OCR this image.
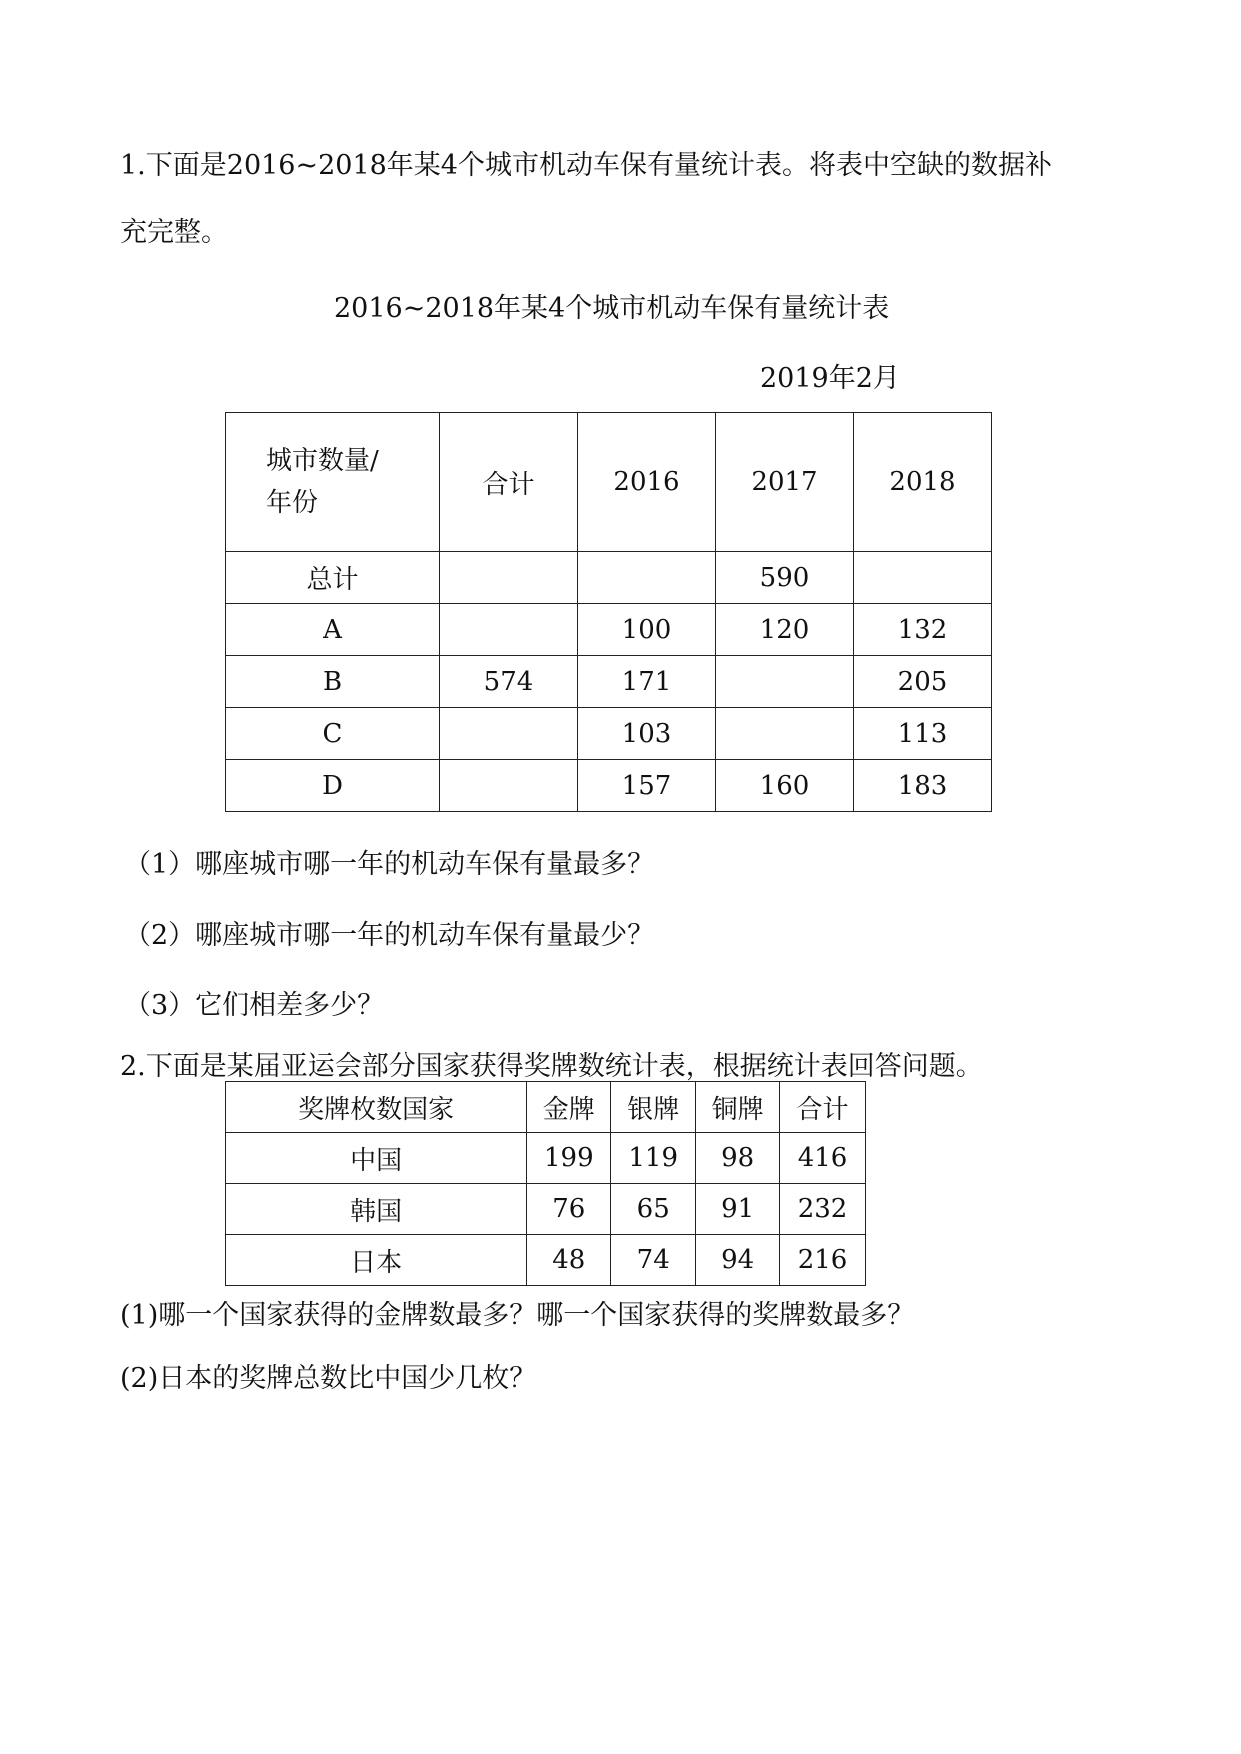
1.下面是2016~2018年某4个城市机动车保有量统计表。将表中空缺的数据补
充完整。
2016~2018年某4个城市机动车保有量统计表
2019年2月
城市数量/
年份	合计	2016	2017	2018
总计			590	
A		100	120	132
B	574	171		205
C		103		113
D		157	160	183
（1）哪座城市哪一年的机动车保有量最多？
（2）哪座城市哪一年的机动车保有量最少？
（3）它们相差多少？
2.下面是某届亚运会部分国家获得奖牌数统计表，根据统计表回答问题。
奖牌枚数国家	金牌	银牌	铜牌	合计
中国	199	119	98	416
韩国	76	65	91	232
日本	48	74	94	216
(1)哪一个国家获得的金牌数最多？哪一个国家获得的奖牌数最多？
(2)日本的奖牌总数比中国少几枚？
